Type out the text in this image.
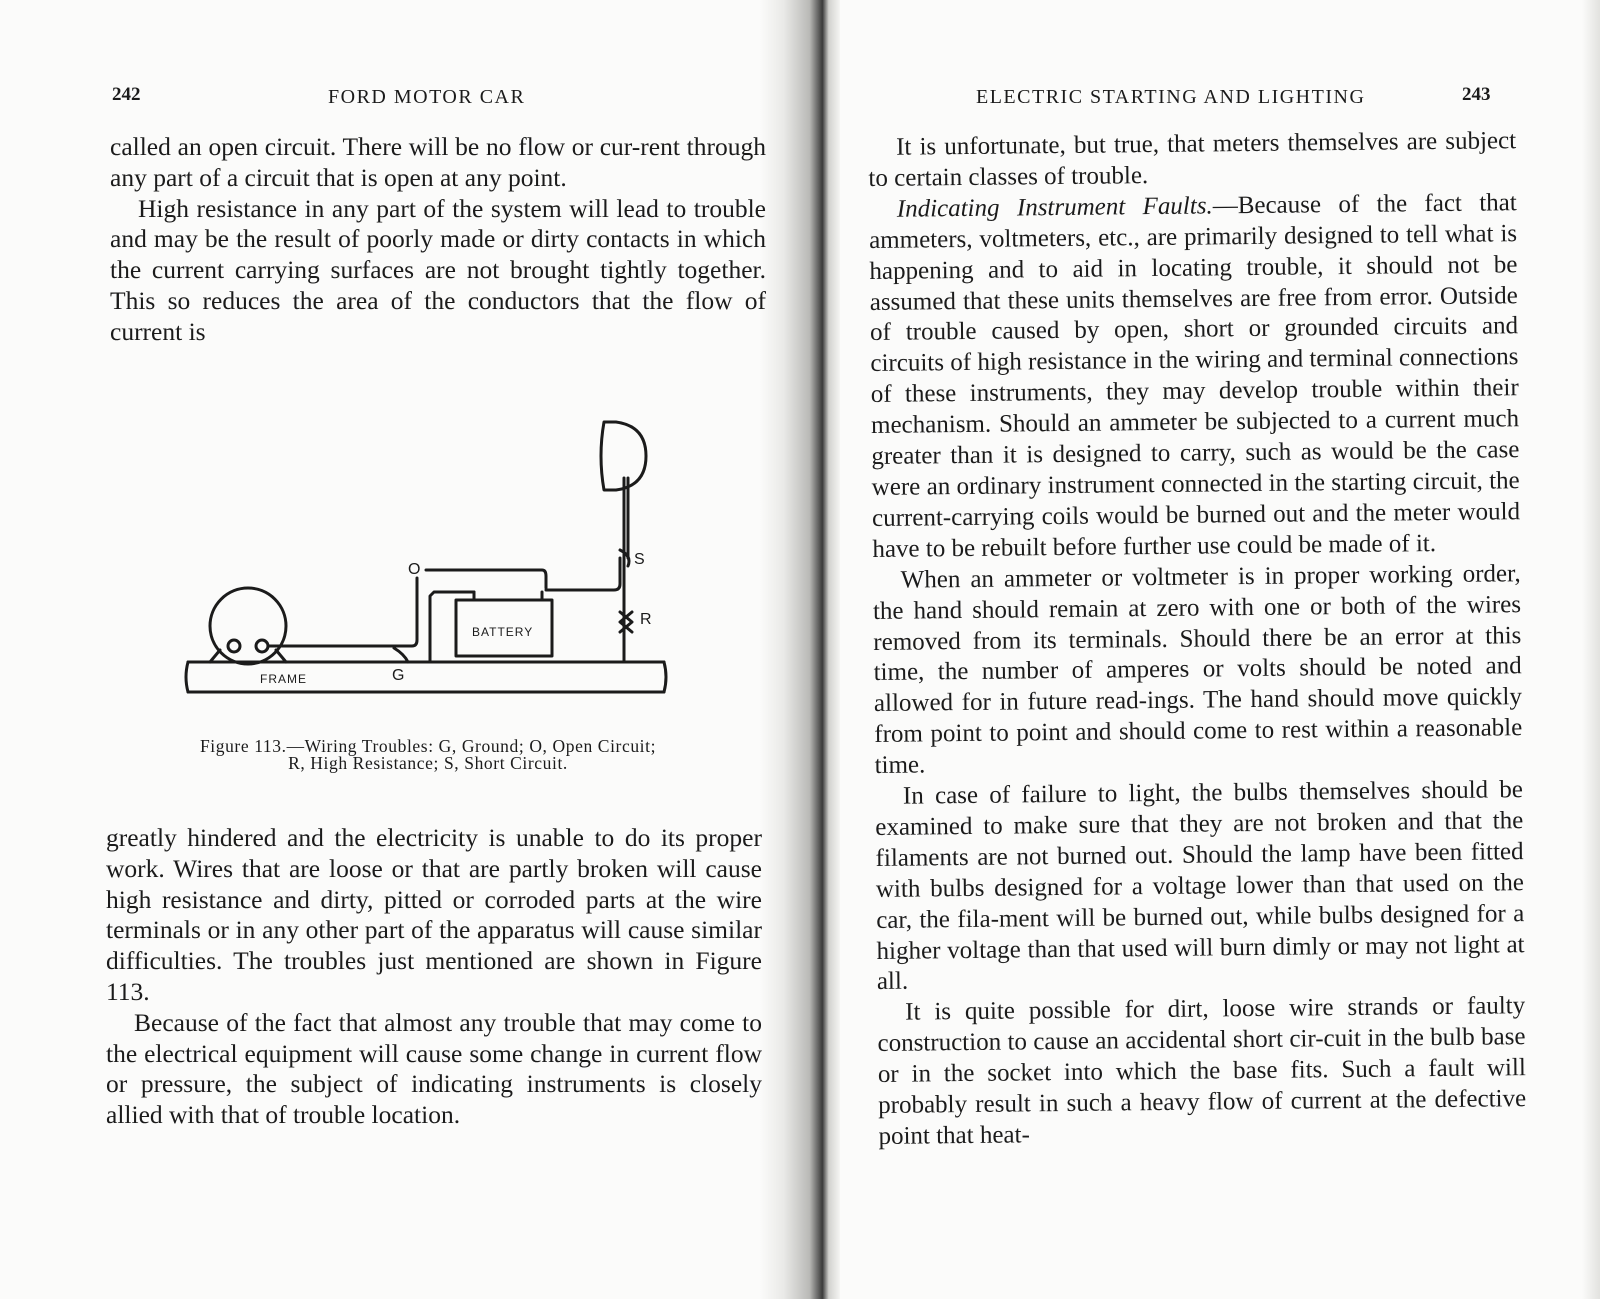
242	FORD MOTOR CAR

called an open circuit. There will be no flow or cur-rent through any part of a circuit that is open at any point.

High resistance in any part of the system will lead to trouble and may be the result of poorly made or dirty contacts in which the current carrying surfaces are not brought tightly together. This so reduces the area of the conductors that the flow of current is

FRAME
BATTERY
O
S
R
G
Figure 113.—Wiring Troubles: G, Ground; O, Open Circuit;
R, High Resistance; S, Short Circuit.

greatly hindered and the electricity is unable to do its proper work. Wires that are loose or that are partly broken will cause high resistance and dirty, pitted or corroded parts at the wire terminals or in any other part of the apparatus will cause similar difficulties. The troubles just mentioned are shown in Figure 113.

Because of the fact that almost any trouble that may come to the electrical equipment will cause some change in current flow or pressure, the subject of indicating instruments is closely allied with that of trouble location.

ELECTRIC STARTING AND LIGHTING	243

It is unfortunate, but true, that meters themselves are subject to certain classes of trouble.

Indicating Instrument Faults.—Because of the fact that ammeters, voltmeters, etc., are primarily designed to tell what is happening and to aid in locating trouble, it should not be assumed that these units themselves are free from error. Outside of trouble caused by open, short or grounded circuits and circuits of high resistance in the wiring and terminal connections of these instruments, they may develop trouble within their mechanism. Should an ammeter be subjected to a current much greater than it is designed to carry, such as would be the case were an ordinary instrument connected in the starting circuit, the current-carrying coils would be burned out and the meter would have to be rebuilt before further use could be made of it.

When an ammeter or voltmeter is in proper working order, the hand should remain at zero with one or both of the wires removed from its terminals. Should there be an error at this time, the number of amperes or volts should be noted and allowed for in future read-ings. The hand should move quickly from point to point and should come to rest within a reasonable time.

In case of failure to light, the bulbs themselves should be examined to make sure that they are not broken and that the filaments are not burned out. Should the lamp have been fitted with bulbs designed for a voltage lower than that used on the car, the fila-ment will be burned out, while bulbs designed for a higher voltage than that used will burn dimly or may not light at all.

It is quite possible for dirt, loose wire strands or faulty construction to cause an accidental short cir-cuit in the bulb base or in the socket into which the base fits. Such a fault will probably result in such a heavy flow of current at the defective point that heat-
